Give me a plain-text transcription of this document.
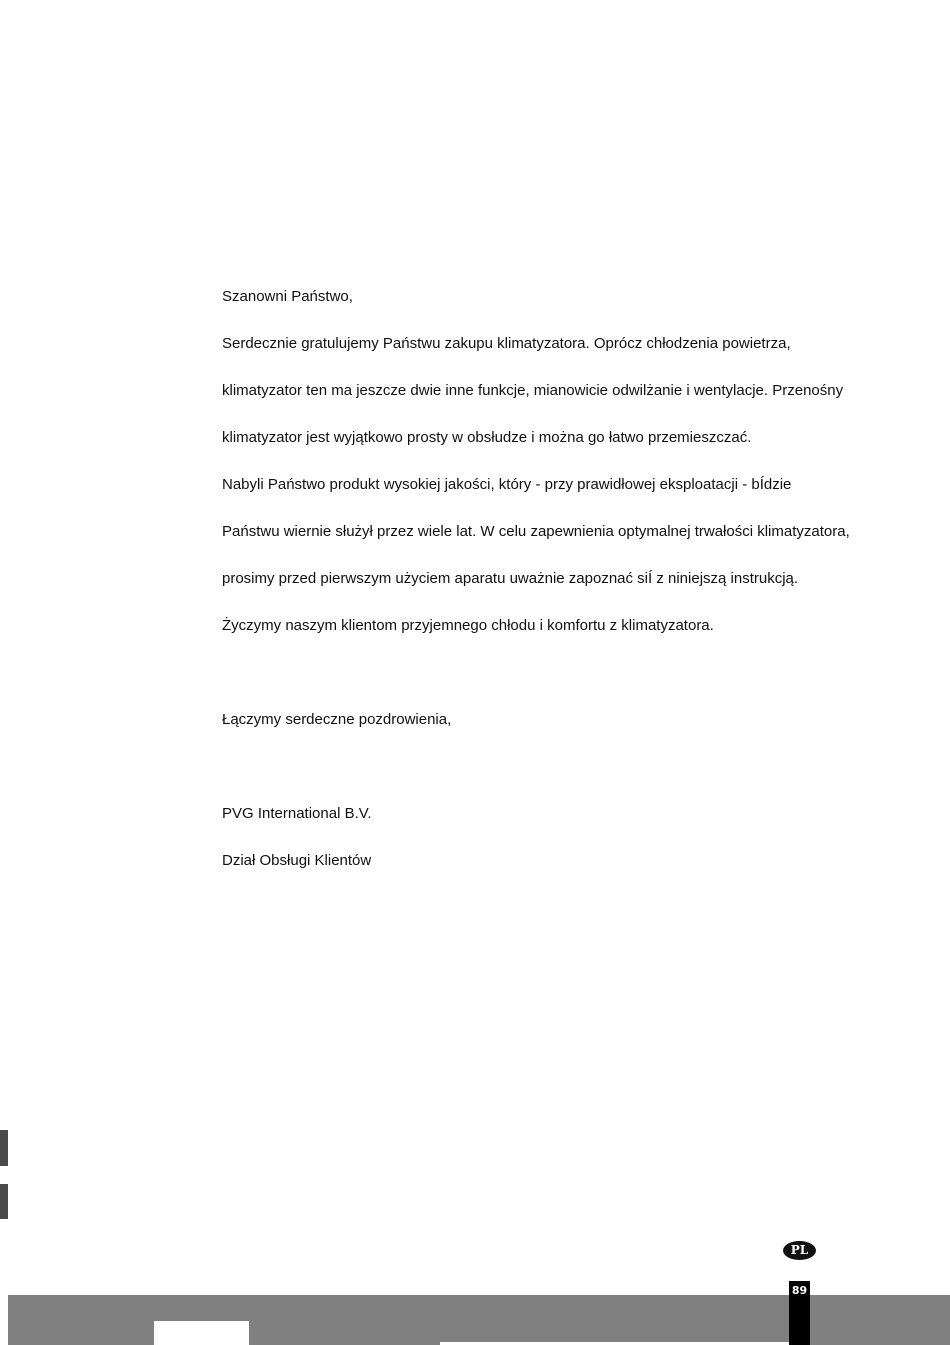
Szanowni Państwo,
Serdecznie gratulujemy Państwu zakupu klimatyzatora. Oprócz chłodzenia powietrza,
klimatyzator ten ma jeszcze dwie inne funkcje, mianowicie odwilżanie i wentylacje. Przenośny
klimatyzator jest wyjątkowo prosty w obsłudze i można go łatwo przemieszczać.
Nabyli Państwo produkt wysokiej jakości, który - przy prawidłowej eksploatacji - bÍdzie
Państwu wiernie służył przez wiele lat. W celu zapewnienia optymalnej trwałości klimatyzatora,
prosimy przed pierwszym użyciem aparatu uważnie zapoznać siÍ z niniejszą instrukcją.
Życzymy naszym klientom przyjemnego chłodu i komfortu z klimatyzatora.
Łączymy serdeczne pozdrowienia,
PVG International B.V.
Dział Obsługi Klientów
PL
89
